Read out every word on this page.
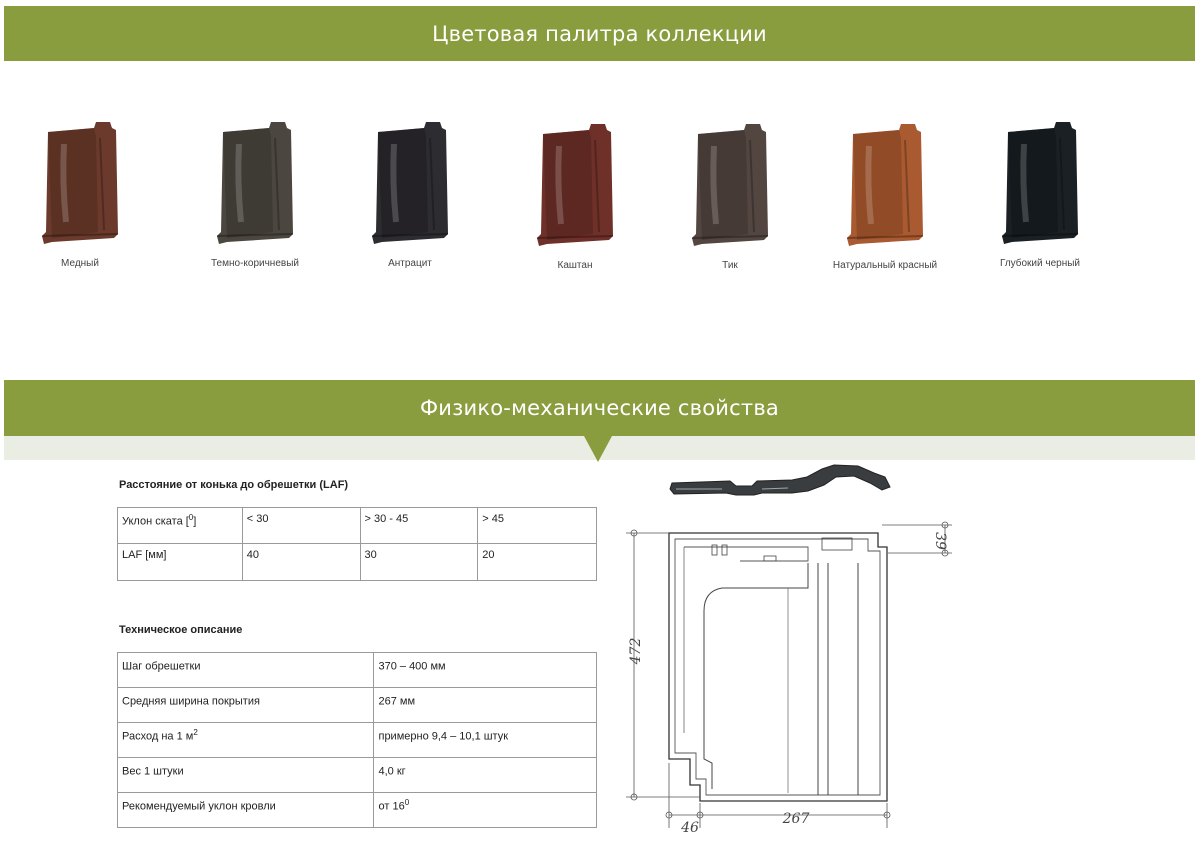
Цветовая палитра коллекции
Медный	Темно-коричневый	Антрацит	Каштан	Тик	Натуральный красный	Глубокий черный
Физико-механические свойства
Расстояние от конька до обрешетки (LAF)
Уклон ската [$^0$]	< 30	> 30 - 45	> 45
LAF [мм]	40	30	20
Техническое описание
Шаг обрешетки	370 – 400 мм
Средняя ширина покрытия	267 мм
Расход на 1 $м^2$	примерно 9,4 – 10,1 штук
Вес 1 штуки	4,0 кг
Рекомендуемый уклон кровли	от $16^0$
472
39
267
46
